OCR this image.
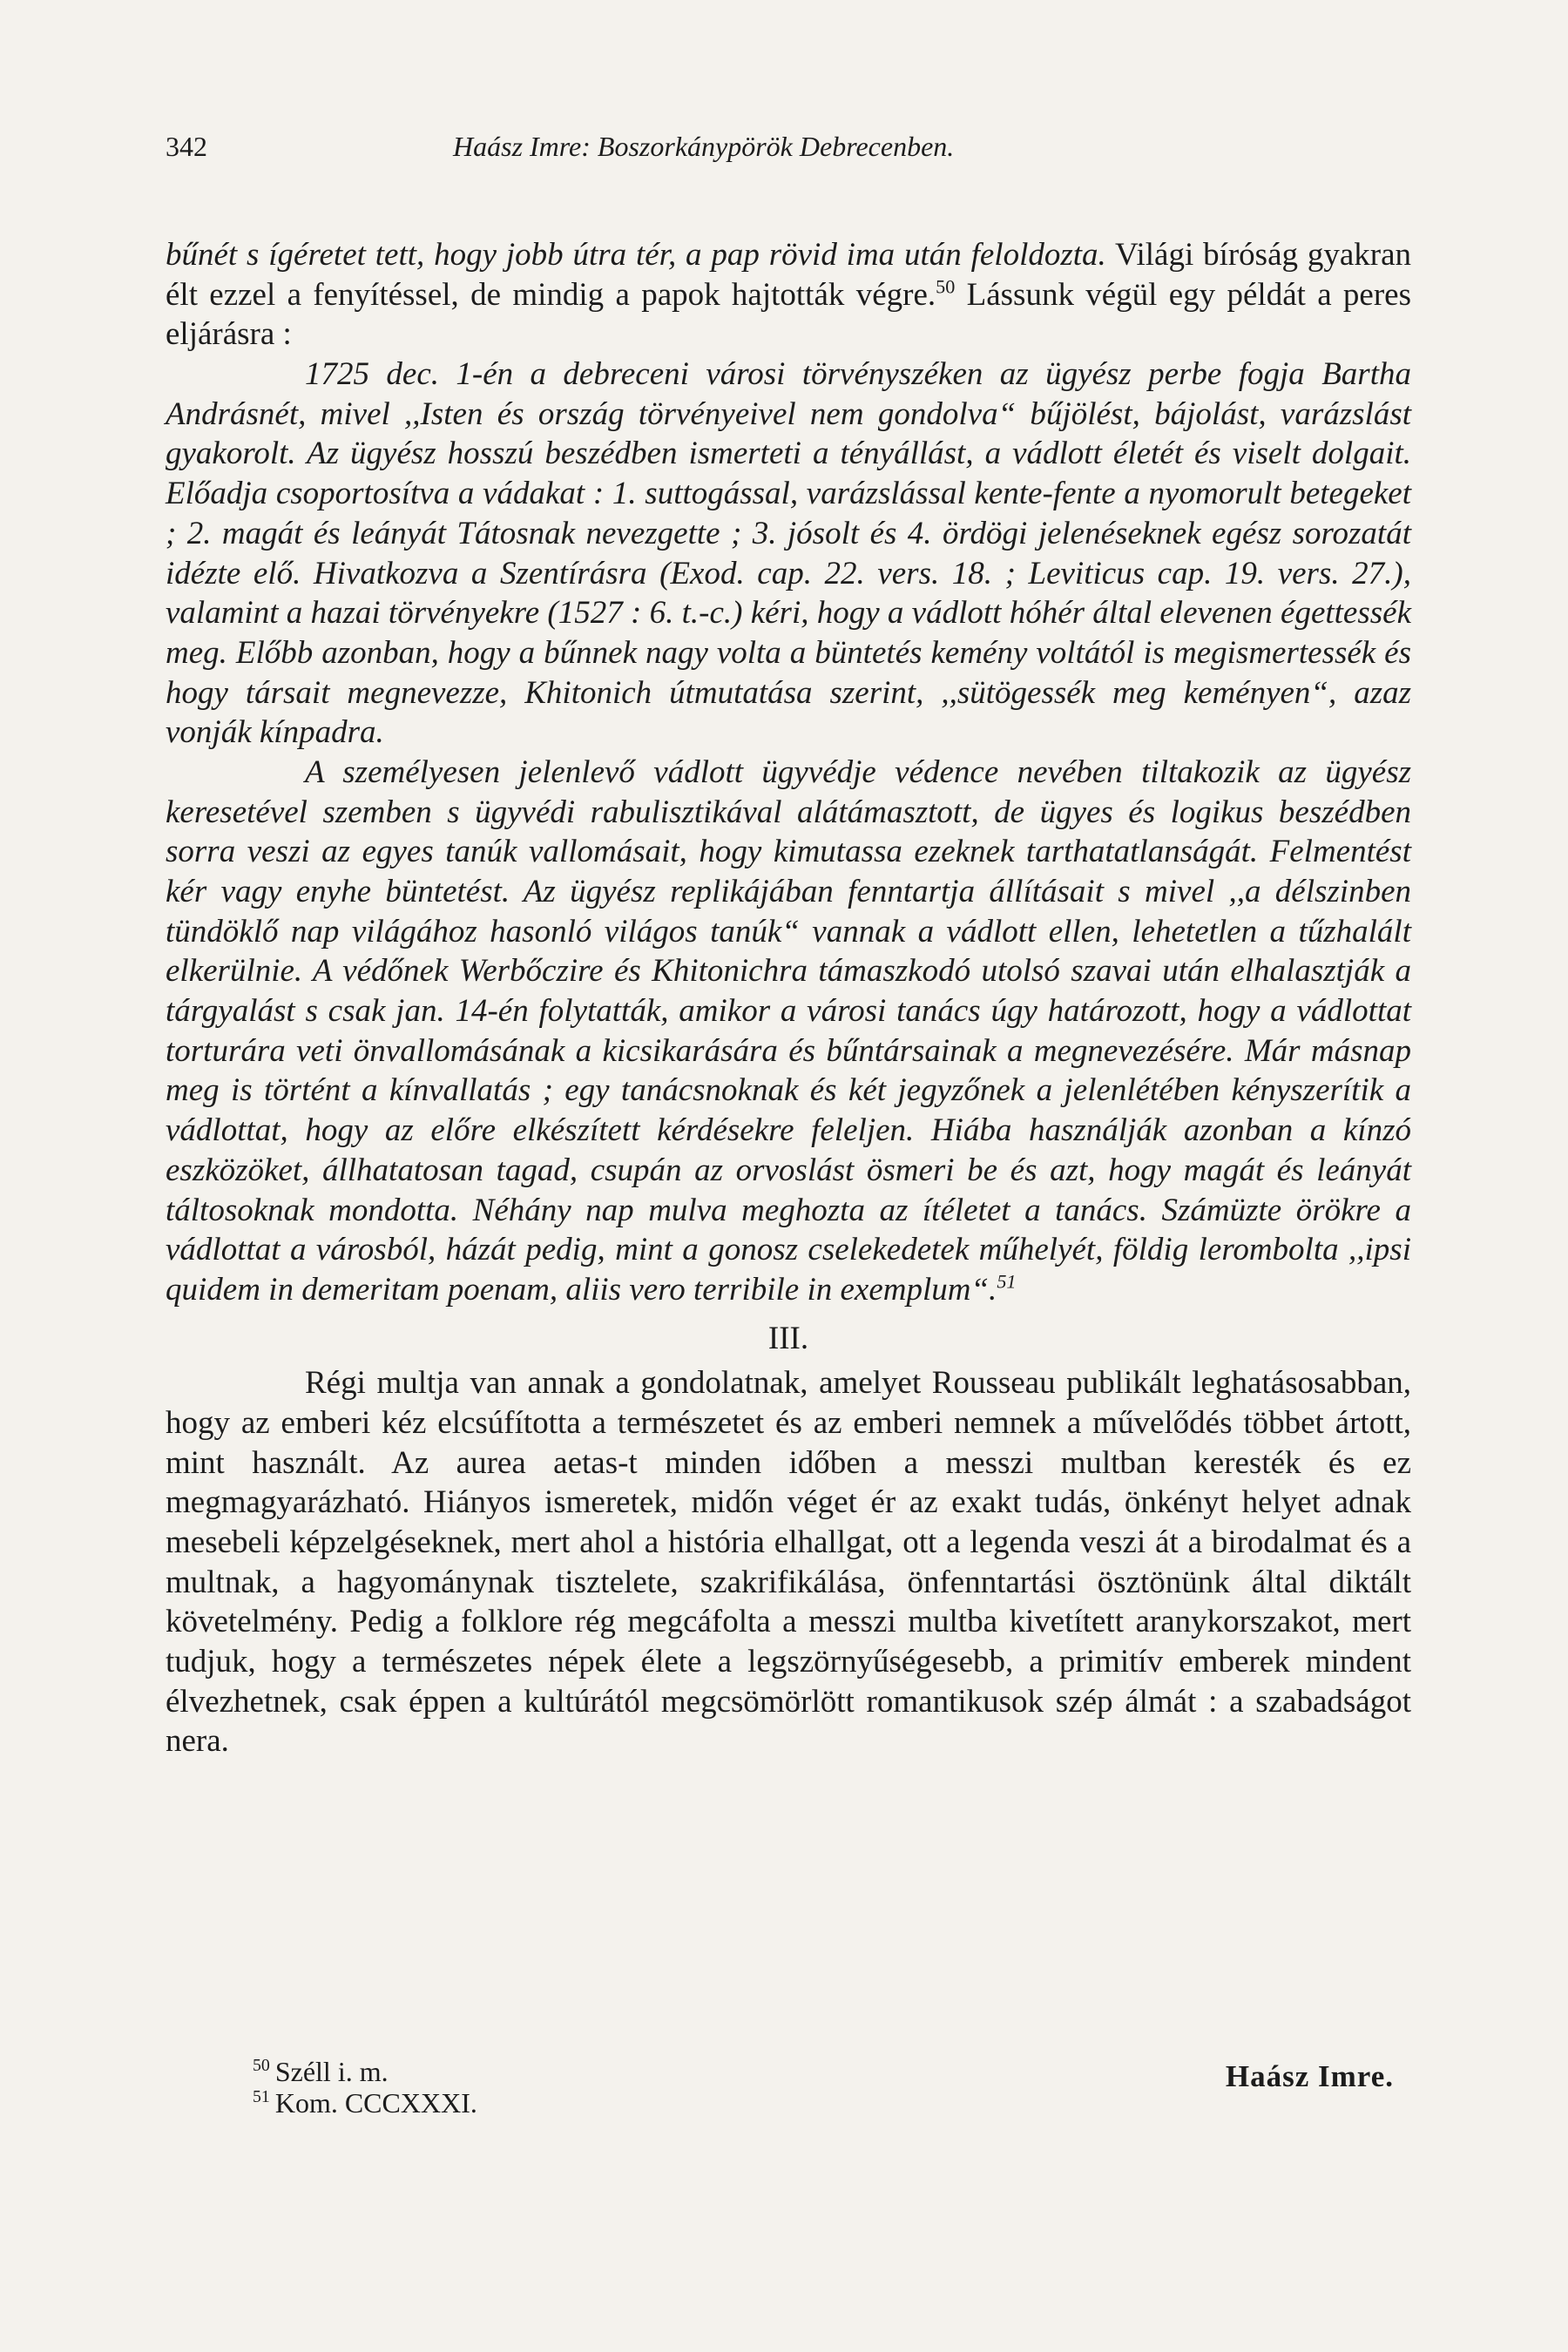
342	Haász Imre: Boszorkánypörök Debrecenben.

bűnét s ígéretet tett, hogy jobb útra tér, a pap rövid ima után feloldozta. Világi bíróság gyakran élt ezzel a fenyítéssel, de mindig a papok hajtották végre.$^{50}$ Lássunk végül egy példát a peres eljárásra :

1725 dec. 1-én a debreceni városi törvényszéken az ügyész perbe fogja Bartha Andrásnét, mivel ,,Isten és ország törvényeivel nem gondolva“ bűjölést, bájolást, varázslást gyakorolt. Az ügyész hosszú beszédben ismerteti a tényállást, a vádlott életét és viselt dolgait. Előadja csoportosítva a vádakat : 1. suttogással, varázslással kente-fente a nyomorult betegeket ; 2. magát és leányát Tátosnak nevezgette ; 3. jósolt és 4. ördögi jelenéseknek egész sorozatát idézte elő. Hivatkozva a Szentírásra (Exod. cap. 22. vers. 18. ; Leviticus cap. 19. vers. 27.), valamint a hazai törvényekre (1527 : 6. t.-c.) kéri, hogy a vádlott hóhér által elevenen égettessék meg. Előbb azonban, hogy a bűnnek nagy volta a büntetés kemény voltától is megismertessék és hogy társait megnevezze, Khitonich útmutatása szerint, ,,sütögessék meg keményen“, azaz vonják kínpadra.

A személyesen jelenlevő vádlott ügyvédje védence nevében tiltakozik az ügyész keresetével szemben s ügyvédi rabulisztikával alátámasztott, de ügyes és logikus beszédben sorra veszi az egyes tanúk vallomásait, hogy kimutassa ezeknek tarthatatlanságát. Felmentést kér vagy enyhe büntetést. Az ügyész replikájában fenntartja állításait s mivel ,,a délszinben tündöklő nap világához hasonló világos tanúk“ vannak a vádlott ellen, lehetetlen a tűzhalált elkerülnie. A védőnek Werbőczire és Khitonichra támaszkodó utolsó szavai után elhalasztják a tárgyalást s csak jan. 14-én folytatták, amikor a városi tanács úgy határozott, hogy a vádlottat torturára veti önvallomásának a kicsikarására és bűntársainak a megnevezésére. Már másnap meg is történt a kínvallatás ; egy tanácsnoknak és két jegyzőnek a jelenlétében kényszerítik a vádlottat, hogy az előre elkészített kérdésekre feleljen. Hiába használják azonban a kínzó eszközöket, állhatatosan tagad, csupán az orvoslást ösmeri be és azt, hogy magát és leányát táltosoknak mondotta. Néhány nap mulva meghozta az ítéletet a tanács. Számüzte örökre a vádlottat a városból, házát pedig, mint a gonosz cselekedetek műhelyét, földig lerombolta ,,ipsi quidem in demeritam poenam, aliis vero terribile in exemplum“.$^{51}$

III.

Régi multja van annak a gondolatnak, amelyet Rousseau publikált leghatásosabban, hogy az emberi kéz elcsúfította a természetet és az emberi nemnek a művelődés többet ártott, mint használt. Az aurea aetas-t minden időben a messzi multban keresték és ez megmagyarázható. Hiányos ismeretek, midőn véget ér az exakt tudás, önkényt helyet adnak mesebeli képzelgéseknek, mert ahol a história elhallgat, ott a legenda veszi át a birodalmat és a multnak, a hagyománynak tisztelete, szakrifikálása, önfenntartási ösztönünk által diktált követelmény. Pedig a folklore rég megcáfolta a messzi multba kivetített aranykorszakot, mert tudjuk, hogy a természetes népek élete a legszörnyűségesebb, a primitív emberek mindent élvezhetnek, csak éppen a kultúrától megcsömörlött romantikusok szép álmát : a szabadságot nera.

$^{50}$ Széll i. m.
$^{51}$ Kom. CCCXXXI.
Haász Imre.
